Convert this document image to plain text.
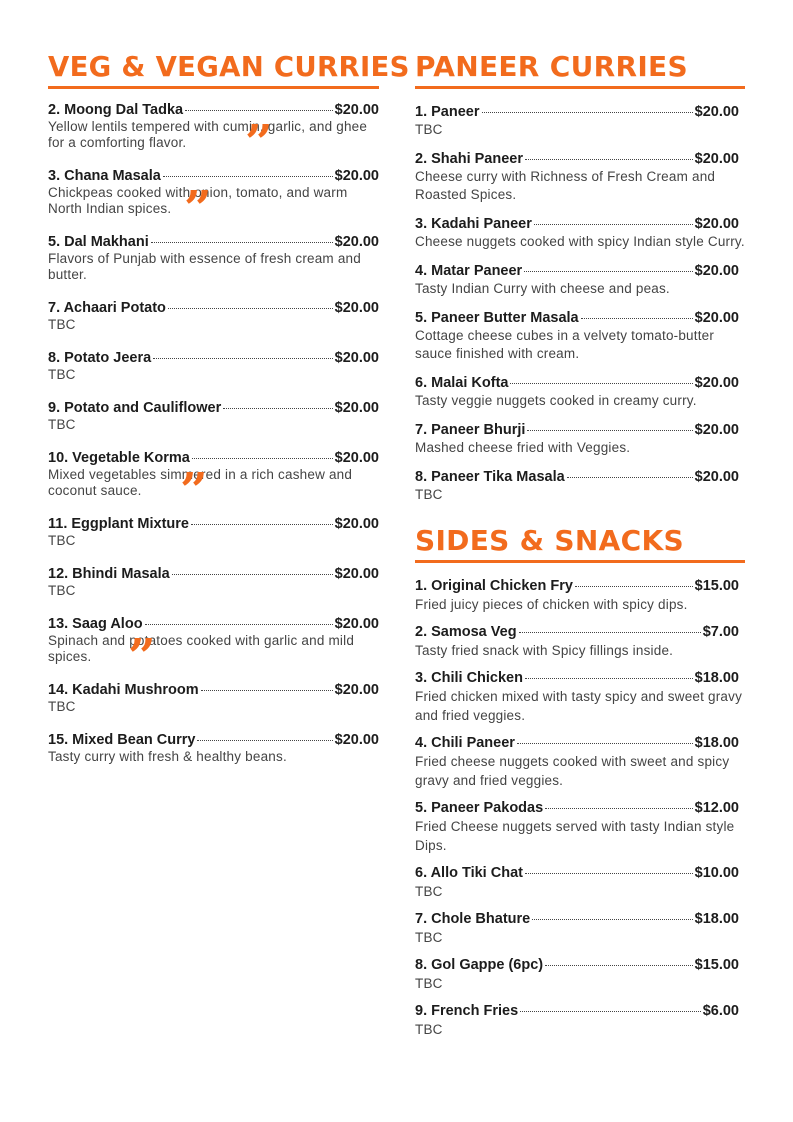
VEG & VEGAN CURRIES
2. Moong Dal Tadka	$20.00
Yellow lentils tempered with cumin, garlic, and ghee for a comforting flavor.	”
3. Chana Masala	$20.00
Chickpeas cooked with onion, tomato, and warm North Indian spices. ”
5. Dal Makhani	$20.00
Flavors of Punjab with essence of fresh cream and butter.
7. Achaari Potato	$20.00
TBC
8. Potato Jeera	$20.00
TBC
9. Potato and Cauliflower	$20.00
TBC
10. Vegetable Korma	$20.00
Mixed vegetables simmered in a rich cashew and coconut sauce. ”
11. Eggplant Mixture	$20.00
TBC
12. Bhindi Masala	$20.00
TBC
13. Saag Aloo	$20.00
Spinach and potatoes cooked with garlic and mild spices. ”
14. Kadahi Mushroom	$20.00
TBC
15. Mixed Bean Curry	$20.00
Tasty curry with fresh & healthy beans.
PANEER CURRIES
1. Paneer	$20.00
TBC
2. Shahi Paneer	$20.00
Cheese curry with Richness of Fresh Cream and Roasted Spices.
3. Kadahi Paneer	$20.00
Cheese nuggets cooked with spicy Indian style Curry.
4. Matar Paneer	$20.00
Tasty Indian Curry with cheese and peas.
5. Paneer Butter Masala	$20.00
Cottage cheese cubes in a velvety tomato-butter sauce finished with cream.
6. Malai Kofta	$20.00
Tasty veggie nuggets cooked in creamy curry.
7. Paneer Bhurji	$20.00
Mashed cheese fried with Veggies.
8. Paneer Tika Masala	$20.00
TBC
SIDES & SNACKS
1. Original Chicken Fry	$15.00
Fried juicy pieces of chicken with spicy dips.
2. Samosa Veg	$7.00
Tasty fried snack with Spicy fillings inside.
3. Chili Chicken	$18.00
Fried chicken mixed with tasty spicy and sweet gravy and fried veggies.
4. Chili Paneer	$18.00
Fried cheese nuggets cooked with sweet and spicy gravy and fried veggies.
5. Paneer Pakodas	$12.00
Fried Cheese nuggets served with tasty Indian style Dips.
6. Allo Tiki Chat	$10.00
TBC
7. Chole Bhature	$18.00
TBC
8. Gol Gappe (6pc)	$15.00
TBC
9. French Fries	$6.00
TBC
